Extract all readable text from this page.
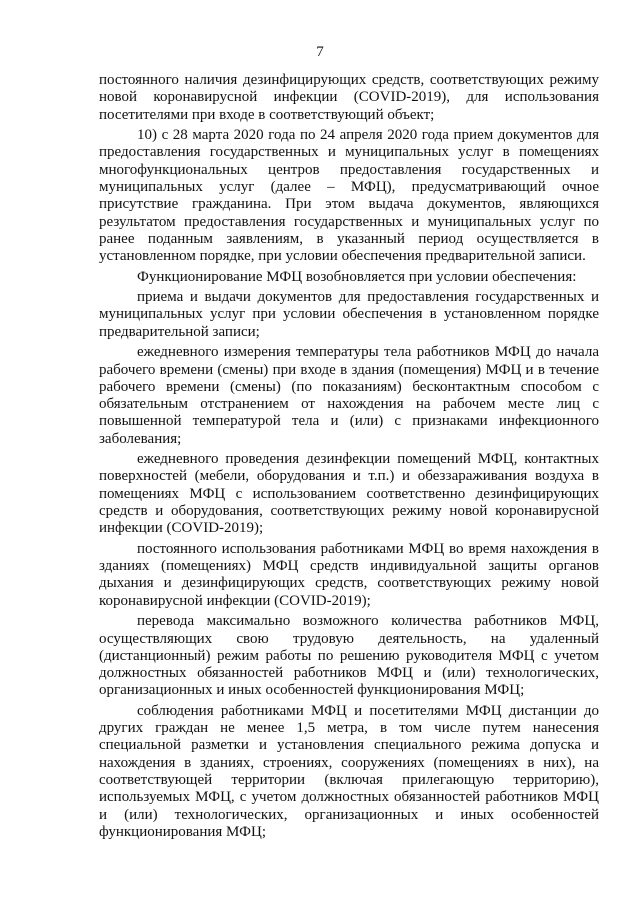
7

постоянного наличия дезинфицирующих средств, соответствующих режиму новой коронавирусной инфекции (COVID-2019), для использования посетителями при входе в соответствующий объект;

10) с 28 марта 2020 года по 24 апреля 2020 года прием документов для предоставления государственных и муниципальных услуг в помещениях многофункциональных центров предоставления государственных и муниципальных услуг (далее – МФЦ), предусматривающий очное присутствие гражданина. При этом выдача документов, являющихся результатом предоставления государственных и муниципальных услуг по ранее поданным заявлениям, в указанный период осуществляется в установленном порядке, при условии обеспечения предварительной записи.

Функционирование МФЦ возобновляется при условии обеспечения:

приема и выдачи документов для предоставления государственных и муниципальных услуг при условии обеспечения в установленном порядке предварительной записи;

ежедневного измерения температуры тела работников МФЦ до начала рабочего времени (смены) при входе в здания (помещения) МФЦ и в течение рабочего времени (смены) (по показаниям) бесконтактным способом с обязательным отстранением от нахождения на рабочем месте лиц с повышенной температурой тела и (или) с признаками инфекционного заболевания;

ежедневного проведения дезинфекции помещений МФЦ, контактных поверхностей (мебели, оборудования и т.п.) и обеззараживания воздуха в помещениях МФЦ с использованием соответственно дезинфицирующих средств и оборудования, соответствующих режиму новой коронавирусной инфекции (COVID-2019);

постоянного использования работниками МФЦ во время нахождения в зданиях (помещениях) МФЦ средств индивидуальной защиты органов дыхания и дезинфицирующих средств, соответствующих режиму новой коронавирусной инфекции (COVID-2019);

перевода максимально возможного количества работников МФЦ, осуществляющих свою трудовую деятельность, на удаленный (дистанционный) режим работы по решению руководителя МФЦ с учетом должностных обязанностей работников МФЦ и (или) технологических, организационных и иных особенностей функционирования МФЦ;

соблюдения работниками МФЦ и посетителями МФЦ дистанции до других граждан не менее 1,5 метра, в том числе путем нанесения специальной разметки и установления специального режима допуска и нахождения в зданиях, строениях, сооружениях (помещениях в них), на соответствующей территории (включая прилегающую территорию), используемых МФЦ, с учетом должностных обязанностей работников МФЦ и (или) технологических, организационных и иных особенностей функционирования МФЦ;
